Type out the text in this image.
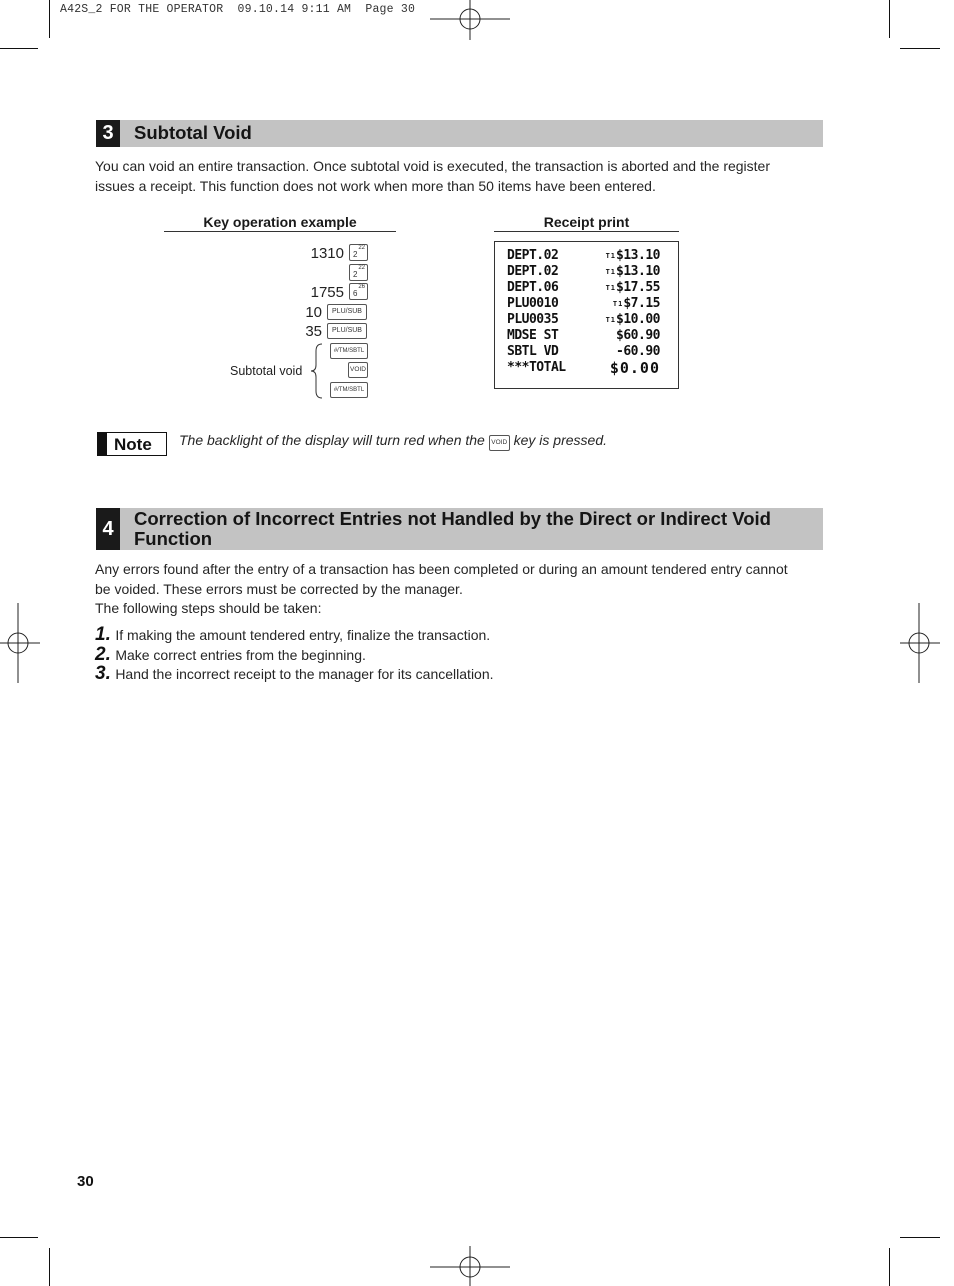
A42S_2 FOR THE OPERATOR  09.10.14 9:11 AM  Page 30
3	Subtotal Void
You can void an entire transaction. Once subtotal void is executed, the transaction is aborted and the register
issues a receipt. This function does not work when more than 50 items have been entered.
Key operation example	Receipt print
1310 22
2
22
2
1755 26
6
10	PLU/SUB
35	PLU/SUB
#/TM/SBTL
VOID
#/TM/SBTL
Subtotal void
DEPT.02	T1$13.10
DEPT.02	T1$13.10
DEPT.06	T1$17.55
PLU0010	T1$7.15
PLU0035	T1$10.00
MDSE ST	$60.90
SBTL VD	-60.90
***TOTAL	$0.00
Note The backlight of the display will turn red when the VOID key is pressed.
4	Correction of Incorrect Entries not Handled by the Direct or Indirect Void
Function
Any errors found after the entry of a transaction has been completed or during an amount tendered entry cannot
be voided. These errors must be corrected by the manager.
The following steps should be taken:
1. If making the amount tendered entry, finalize the transaction.
2. Make correct entries from the beginning.
3. Hand the incorrect receipt to the manager for its cancellation.
30
